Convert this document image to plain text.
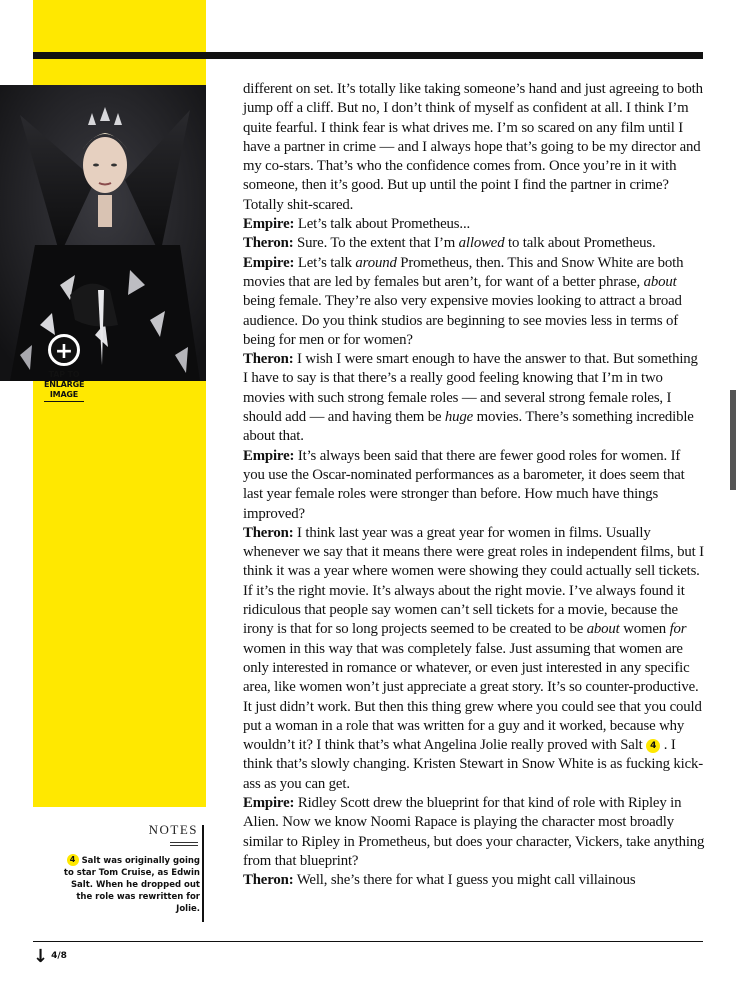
+
TAP TO
ENLARGE
IMAGE
NOTES
4 Salt was originally going to star Tom Cruise, as Edwin Salt. When he dropped out the role was rewritten for Jolie.

different on set. It’s totally like taking someone’s hand and just agreeing to both jump off a cliff. But no, I don’t think of myself as confident at all. I think I’m quite fearful. I think fear is what drives me. I’m so scared on any film until I have a partner in crime — and I always hope that’s going to be my director and my co-stars. That’s who the confidence comes from. Once you’re in it with someone, then it’s good. But up until the point I find the partner in crime? Totally shit-scared.

Empire: Let’s talk about Prometheus...

Theron: Sure. To the extent that I’m allowed to talk about Prometheus.

Empire: Let’s talk around Prometheus, then. This and Snow White are both movies that are led by females but aren’t, for want of a better phrase, about being female. They’re also very expensive movies looking to attract a broad audience. Do you think studios are beginning to see movies less in terms of being for men or for women?

Theron: I wish I were smart enough to have the answer to that. But something I have to say is that there’s a really good feeling knowing that I’m in two movies with such strong female roles — and several strong female roles, I should add — and having them be huge movies. There’s something incredible about that.

Empire: It’s always been said that there are fewer good roles for women. If you use the Oscar-nominated performances as a barometer, it does seem that last year female roles were stronger than before. How much have things improved?

Theron: I think last year was a great year for women in films. Usually whenever we say that it means there were great roles in independent films, but I think it was a year where women were showing they could actually sell tickets. If it’s the right movie. It’s always about the right movie. I’ve always found it ridiculous that people say women can’t sell tickets for a movie, because the irony is that for so long projects seemed to be created to be about women for women in this way that was completely false. Just assuming that women are only interested in romance or whatever, or even just interested in any specific area, like women won’t just appreciate a great story. It’s so counter-productive. It just didn’t work. But then this thing grew where you could see that you could put a woman in a role that was written for a guy and it worked, because why wouldn’t it? I think that’s what Angelina Jolie really proved with Salt 4 . I think that’s slowly changing. Kristen Stewart in Snow White is as fucking kick-ass as you can get.

Empire: Ridley Scott drew the blueprint for that kind of role with Ripley in Alien. Now we know Noomi Rapace is playing the character most broadly similar to Ripley in Prometheus, but does your character, Vickers, take anything from that blueprint?

Theron: Well, she’s there for what I guess you might call villainous

↓ 4/8
